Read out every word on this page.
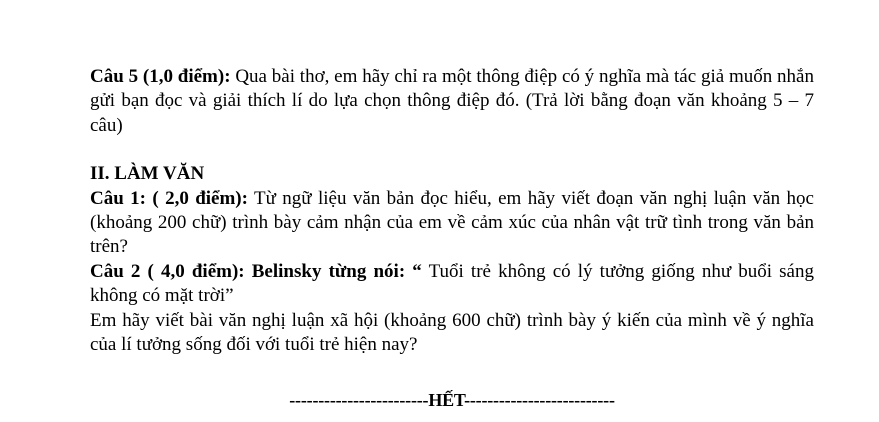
Câu 5 (1,0 điểm): Qua bài thơ, em hãy chỉ ra một thông điệp có ý nghĩa mà tác giả muốn nhắn gửi bạn đọc và giải thích lí do lựa chọn thông điệp đó. (Trả lời bằng đoạn văn khoảng 5 – 7 câu)

II. LÀM VĂN

Câu 1: ( 2,0 điểm): Từ ngữ liệu văn bản đọc hiểu, em hãy viết đoạn văn nghị luận văn học (khoảng 200 chữ) trình bày cảm nhận của em về cảm xúc của nhân vật trữ tình trong văn bản trên?

Câu 2 ( 4,0 điểm): Belinsky từng nói: “ Tuổi trẻ không có lý tưởng giống như buổi sáng không có mặt trời”

Em hãy viết bài văn nghị luận xã hội (khoảng 600 chữ) trình bày ý kiến của mình về ý nghĩa của lí tưởng sống đối với tuổi trẻ hiện nay?

------------------------HẾT--------------------------
